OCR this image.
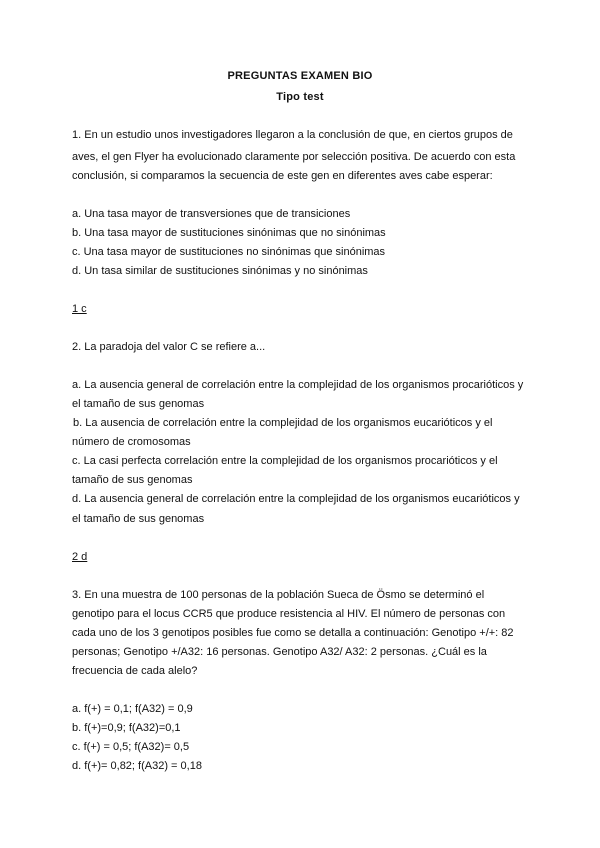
PREGUNTAS EXAMEN BIO
Tipo test
1. En un estudio unos investigadores llegaron a la conclusión de que, en ciertos grupos de
aves, el gen Flyer ha evolucionado claramente por selección positiva. De acuerdo con esta
conclusión, si comparamos la secuencia de este gen en diferentes aves cabe esperar:
a. Una tasa mayor de transversiones que de transiciones
b. Una tasa mayor de sustituciones sinónimas que no sinónimas
c. Una tasa mayor de sustituciones no sinónimas que sinónimas
d. Un tasa similar de sustituciones sinónimas y no sinónimas
1 c
2. La paradoja del valor C se refiere a...
a. La ausencia general de correlación entre la complejidad de los organismos procarióticos y
el tamaño de sus genomas
b. La ausencia de correlación entre la complejidad de los organismos eucarióticos y el
número de cromosomas
c. La casi perfecta correlación entre la complejidad de los organismos procarióticos y el
tamaño de sus genomas
d. La ausencia general de correlación entre la complejidad de los organismos eucarióticos y
el tamaño de sus genomas
2 d
3. En una muestra de 100 personas de la población Sueca de Ösmo se determinó el
genotipo para el locus CCR5 que produce resistencia al HIV. El número de personas con
cada uno de los 3 genotipos posibles fue como se detalla a continuación: Genotipo +/+: 82
personas; Genotipo +/A32: 16 personas. Genotipo A32/ A32: 2 personas. ¿Cuál es la
frecuencia de cada alelo?
a. f(+) = 0,1; f(A32) = 0,9
b. f(+)=0,9; f(A32)=0,1
c. f(+) = 0,5; f(A32)= 0,5
d. f(+)= 0,82; f(A32) = 0,18
